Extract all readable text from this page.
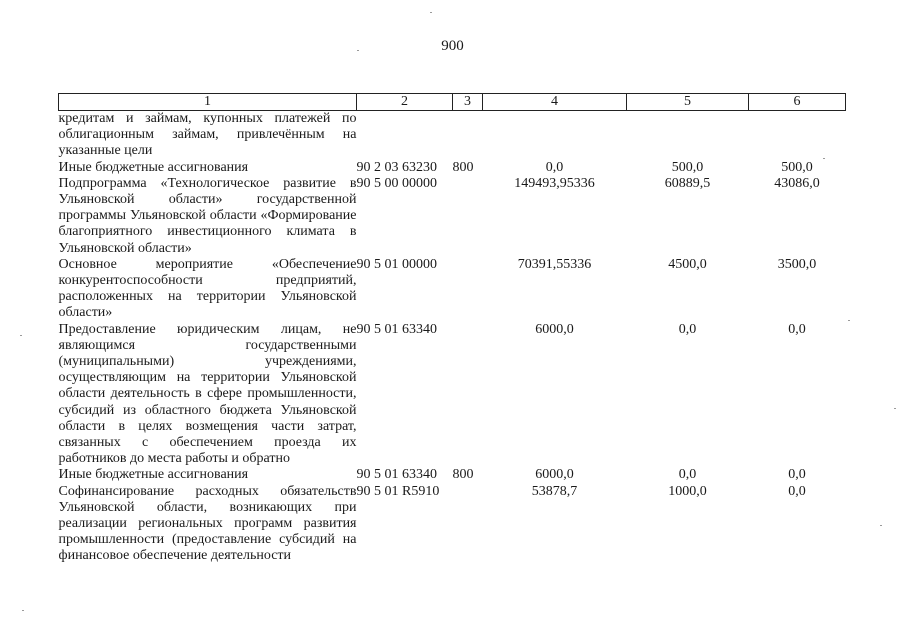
900
1	2	3	4	5	6
кредитам и займам, купонных платежей по облигационным займам, привлечённым на указанные цели					
Иные бюджетные ассигнования	90 2 03 63230	800	0,0	500,0	500,0
Подпрограмма «Технологическое развитие в Ульяновской области» государственной программы Ульяновской области «Формирование благоприятного инвестиционного климата в Ульяновской области»	90 5 00 00000		149493,95336	60889,5	43086,0
Основное мероприятие «Обеспечение конкурентоспособности предприятий, расположенных на территории Ульяновской области»	90 5 01 00000		70391,55336	4500,0	3500,0
Предоставление юридическим лицам, не являющимся государственными (муниципальными) учреждениями, осуществляющим на территории Ульяновской области деятельность в сфере промышленности, субсидий из областного бюджета Ульяновской области в целях возмещения части затрат, связанных с обеспечением проезда их работников до места работы и обратно	90 5 01 63340		6000,0	0,0	0,0
Иные бюджетные ассигнования	90 5 01 63340	800	6000,0	0,0	0,0
Софинансирование расходных обязательств Ульяновской области, возникающих при реализации региональных программ развития промышленности (предоставление субсидий на финансовое обеспечение деятельности	90 5 01 R5910		53878,7	1000,0	0,0
